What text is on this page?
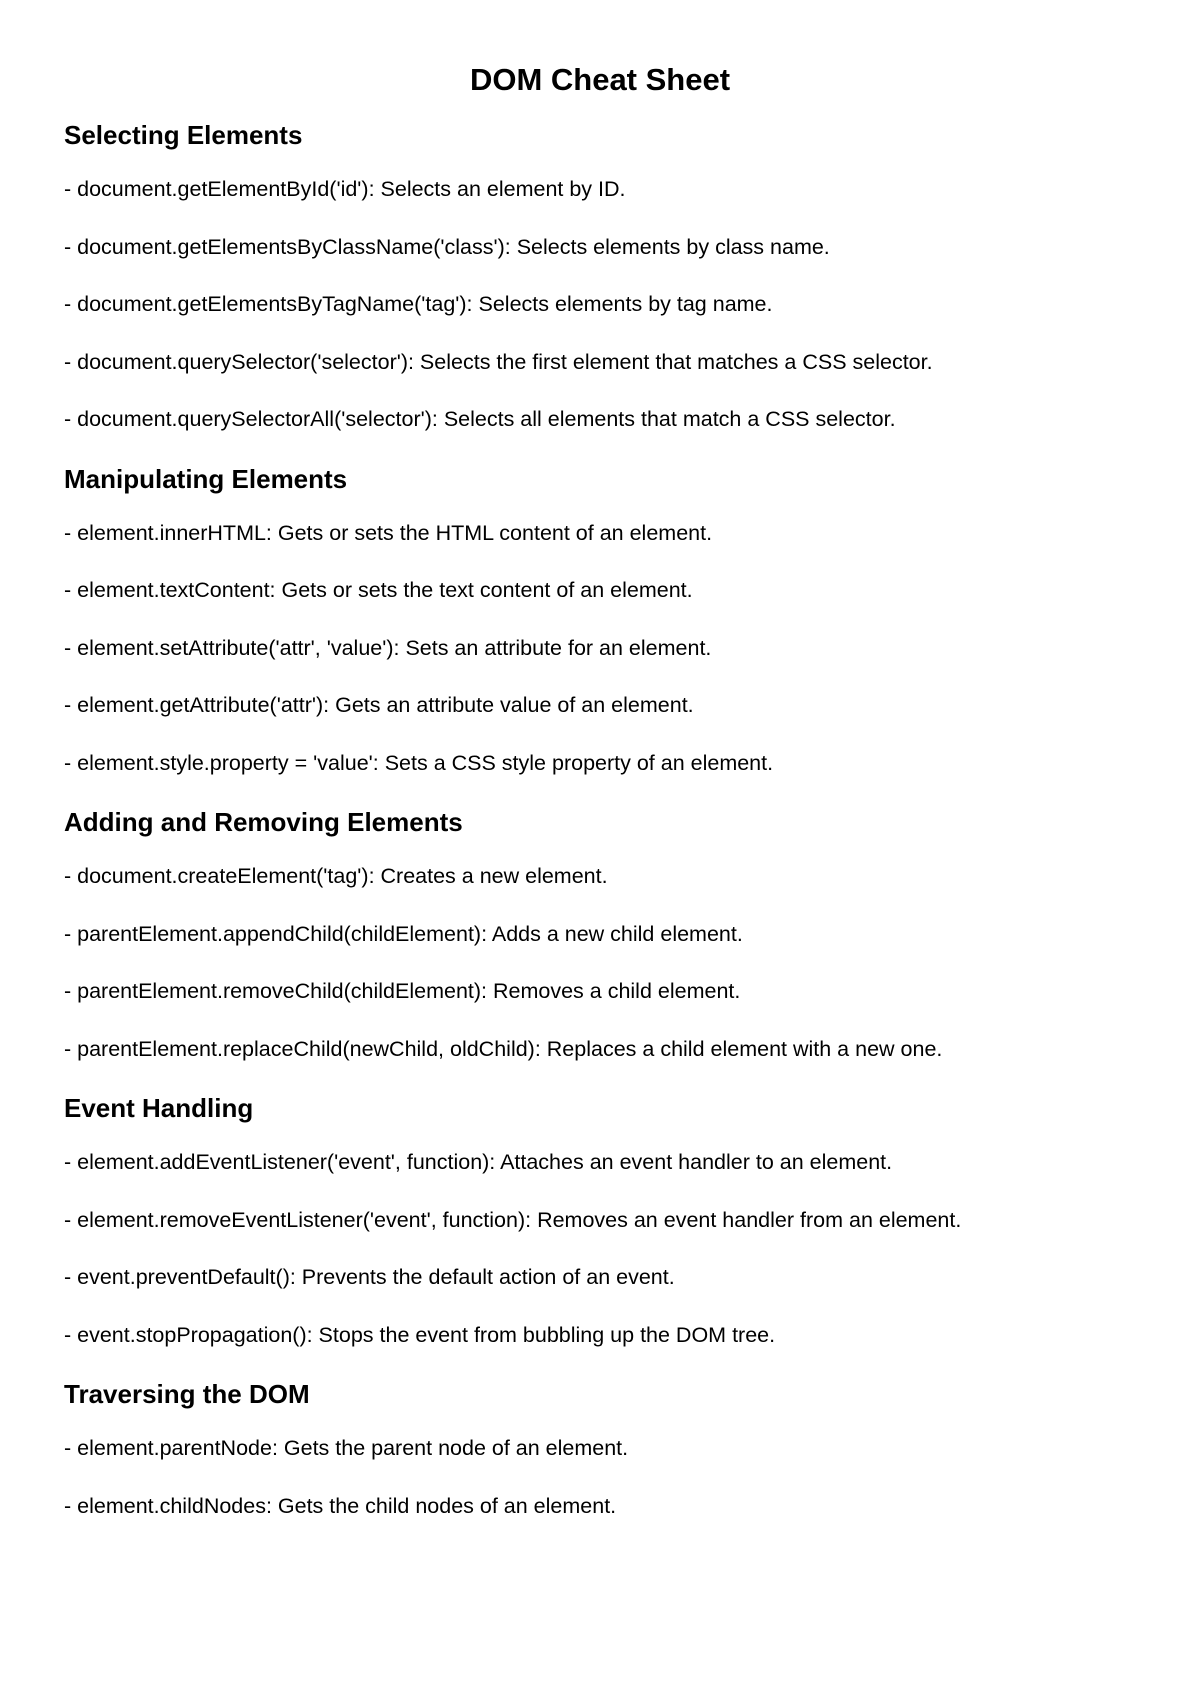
DOM Cheat Sheet
Selecting Elements
- document.getElementById('id'): Selects an element by ID.
- document.getElementsByClassName('class'): Selects elements by class name.
- document.getElementsByTagName('tag'): Selects elements by tag name.
- document.querySelector('selector'): Selects the first element that matches a CSS selector.
- document.querySelectorAll('selector'): Selects all elements that match a CSS selector.
Manipulating Elements
- element.innerHTML: Gets or sets the HTML content of an element.
- element.textContent: Gets or sets the text content of an element.
- element.setAttribute('attr', 'value'): Sets an attribute for an element.
- element.getAttribute('attr'): Gets an attribute value of an element.
- element.style.property = 'value': Sets a CSS style property of an element.
Adding and Removing Elements
- document.createElement('tag'): Creates a new element.
- parentElement.appendChild(childElement): Adds a new child element.
- parentElement.removeChild(childElement): Removes a child element.
- parentElement.replaceChild(newChild, oldChild): Replaces a child element with a new one.
Event Handling
- element.addEventListener('event', function): Attaches an event handler to an element.
- element.removeEventListener('event', function): Removes an event handler from an element.
- event.preventDefault(): Prevents the default action of an event.
- event.stopPropagation(): Stops the event from bubbling up the DOM tree.
Traversing the DOM
- element.parentNode: Gets the parent node of an element.
- element.childNodes: Gets the child nodes of an element.
